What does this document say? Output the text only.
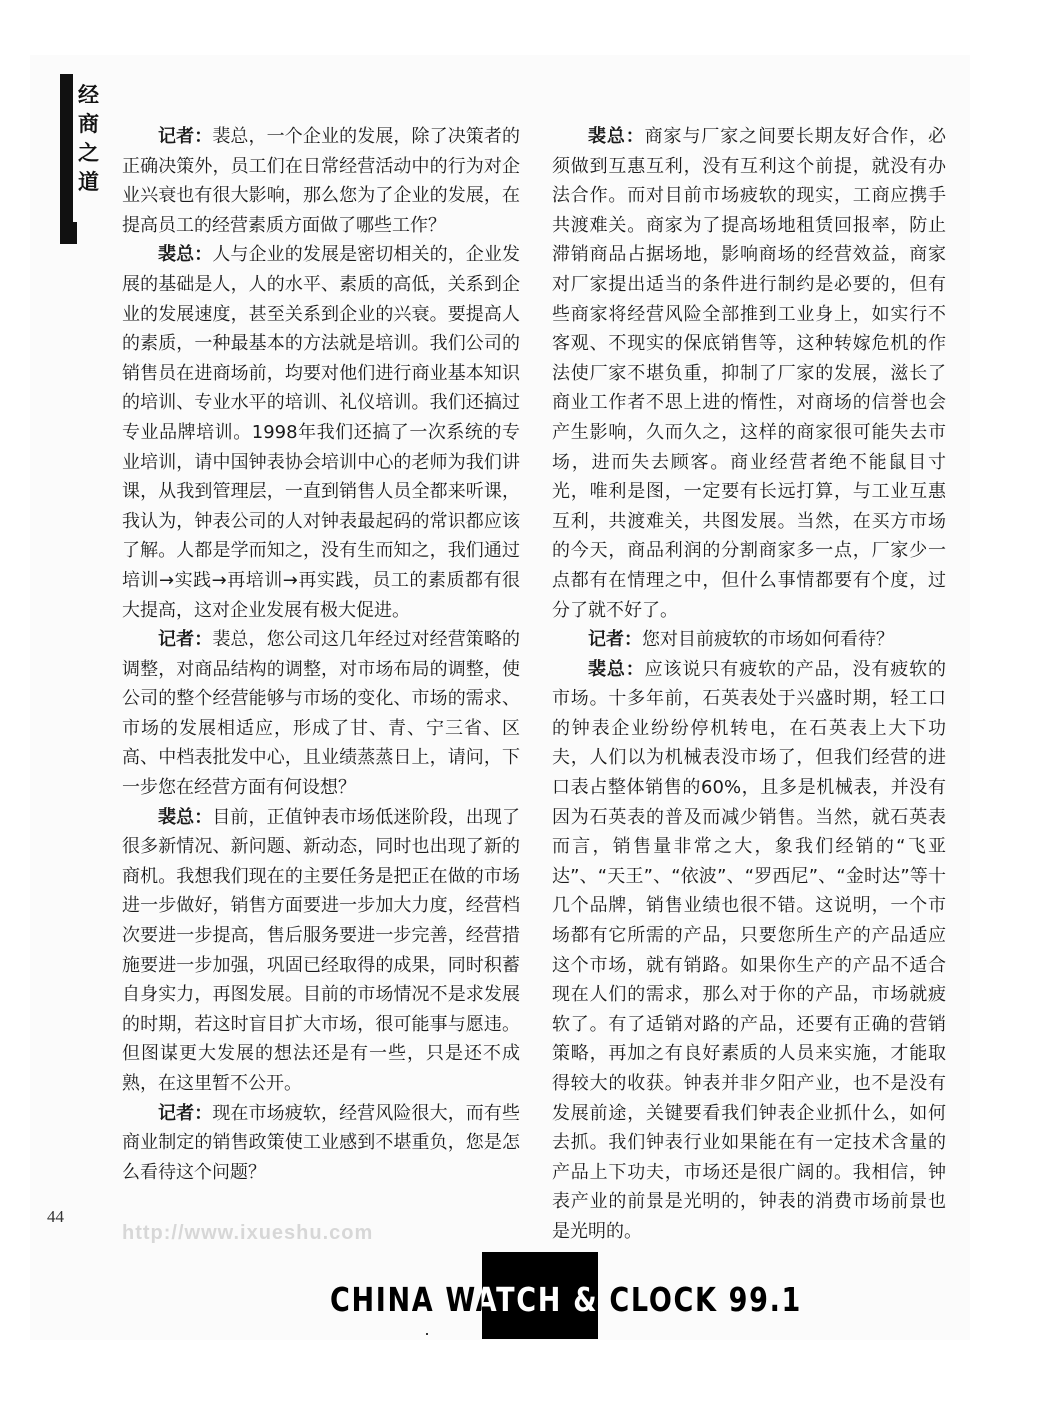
经商之道

记者：裴总，一个企业的发展，除了决策者的正确决策外，员工们在日常经营活动中的行为对企业兴衰也有很大影响，那么您为了企业的发展，在提高员工的经营素质方面做了哪些工作？

裴总：人与企业的发展是密切相关的，企业发展的基础是人，人的水平、素质的高低，关系到企业的发展速度，甚至关系到企业的兴衰。要提高人的素质，一种最基本的方法就是培训。我们公司的销售员在进商场前，均要对他们进行商业基本知识的培训、专业水平的培训、礼仪培训。我们还搞过专业品牌培训。1998年我们还搞了一次系统的专业培训，请中国钟表协会培训中心的老师为我们讲课，从我到管理层，一直到销售人员全都来听课，我认为，钟表公司的人对钟表最起码的常识都应该了解。人都是学而知之，没有生而知之，我们通过培训→实践→再培训→再实践，员工的素质都有很大提高，这对企业发展有极大促进。

记者：裴总，您公司这几年经过对经营策略的调整，对商品结构的调整，对市场布局的调整，使公司的整个经营能够与市场的变化、市场的需求、市场的发展相适应，形成了甘、青、宁三省、区高、中档表批发中心，且业绩蒸蒸日上，请问，下一步您在经营方面有何设想？

裴总：目前，正值钟表市场低迷阶段，出现了很多新情况、新问题、新动态，同时也出现了新的商机。我想我们现在的主要任务是把正在做的市场进一步做好，销售方面要进一步加大力度，经营档次要进一步提高，售后服务要进一步完善，经营措施要进一步加强，巩固已经取得的成果，同时积蓄自身实力，再图发展。目前的市场情况不是求发展的时期，若这时盲目扩大市场，很可能事与愿违。但图谋更大发展的想法还是有一些，只是还不成熟，在这里暂不公开。

记者：现在市场疲软，经营风险很大，而有些商业制定的销售政策使工业感到不堪重负，您是怎么看待这个问题？

裴总：商家与厂家之间要长期友好合作，必须做到互惠互利，没有互利这个前提，就没有办法合作。而对目前市场疲软的现实，工商应携手共渡难关。商家为了提高场地租赁回报率，防止滞销商品占据场地，影响商场的经营效益，商家对厂家提出适当的条件进行制约是必要的，但有些商家将经营风险全部推到工业身上，如实行不客观、不现实的保底销售等，这种转嫁危机的作法使厂家不堪负重，抑制了厂家的发展，滋长了商业工作者不思上进的惰性，对商场的信誉也会产生影响，久而久之，这样的商家很可能失去市场，进而失去顾客。商业经营者绝不能鼠目寸光，唯利是图，一定要有长远打算，与工业互惠互利，共渡难关，共图发展。当然，在买方市场的今天，商品利润的分割商家多一点，厂家少一点都有在情理之中，但什么事情都要有个度，过分了就不好了。

记者：您对目前疲软的市场如何看待？

裴总：应该说只有疲软的产品，没有疲软的市场。十多年前，石英表处于兴盛时期，轻工口的钟表企业纷纷停机转电，在石英表上大下功夫，人们以为机械表没市场了，但我们经营的进口表占整体销售的60%，且多是机械表，并没有因为石英表的普及而减少销售。当然，就石英表而言，销售量非常之大，象我们经销的“飞亚达”、“天王”、“依波”、“罗西尼”、“金时达”等十几个品牌，销售业绩也很不错。这说明，一个市场都有它所需的产品，只要您所生产的产品适应这个市场，就有销路。如果你生产的产品不适合现在人们的需求，那么对于你的产品，市场就疲软了。有了适销对路的产品，还要有正确的营销策略，再加之有良好素质的人员来实施，才能取得较大的收获。钟表并非夕阳产业，也不是没有发展前途，关键要看我们钟表企业抓什么，如何去抓。我们钟表行业如果能在有一定技术含量的产品上下功夫，市场还是很广阔的。我相信，钟表产业的前景是光明的，钟表的消费市场前景也是光明的。

http://www.ixueshu.com
44
CHINA WATCH & CLOCK 99.1
